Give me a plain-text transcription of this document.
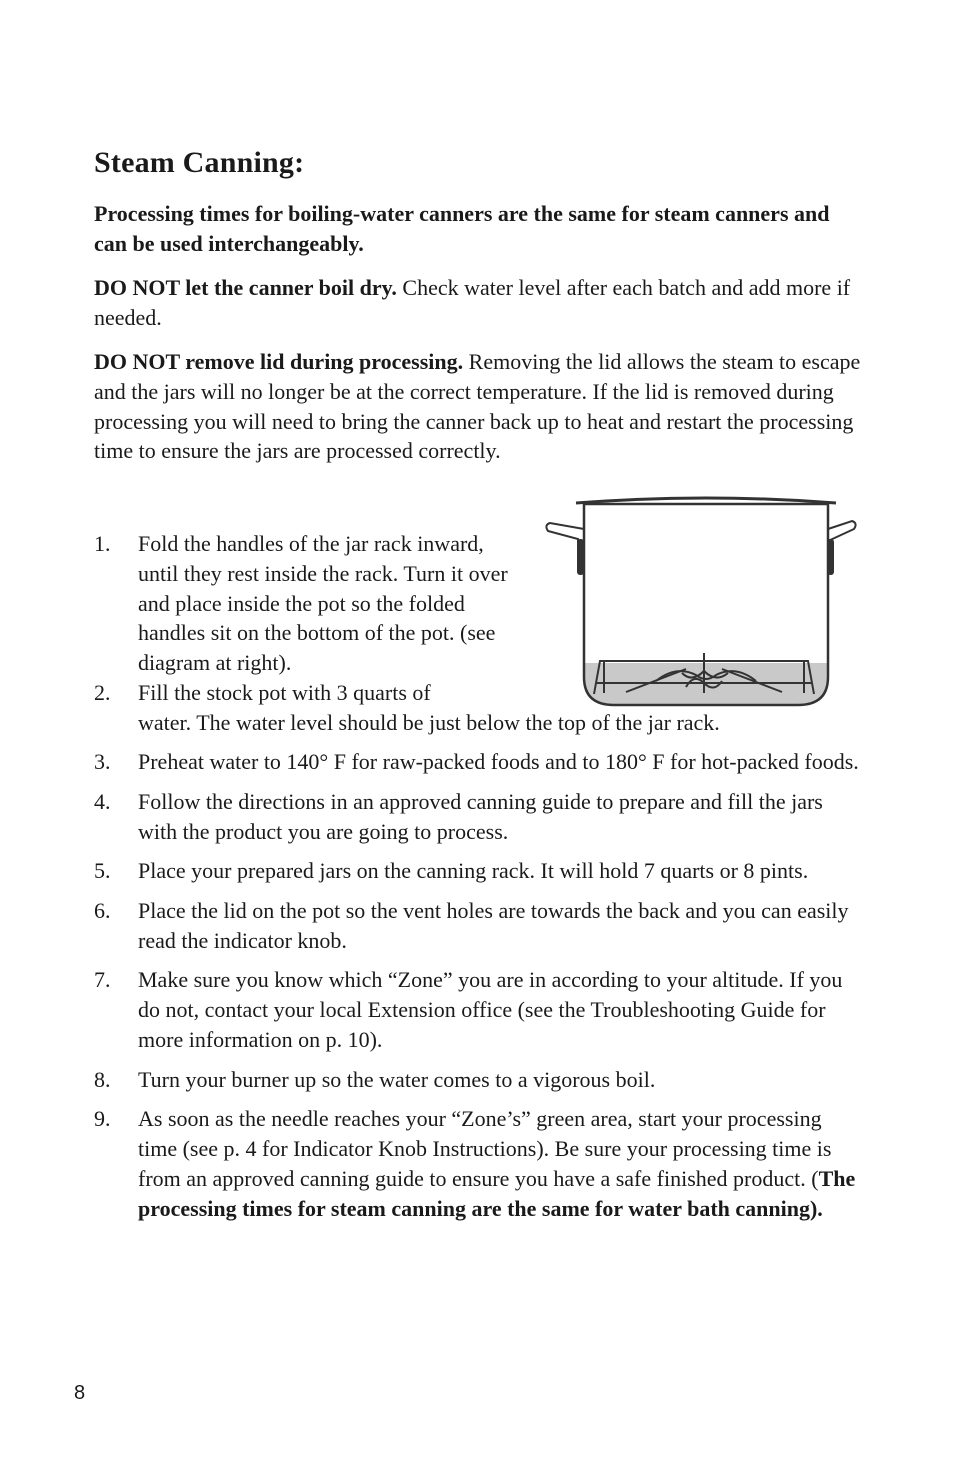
Steam Canning:

Processing times for boiling-water canners are the same for steam canners and can be used interchangeably.

DO NOT let the canner boil dry. Check water level after each batch and add more if needed.

DO NOT remove lid during processing. Removing the lid allows the steam to escape and the jars will no longer be at the correct temperature. If the lid is removed during processing you will need to bring the canner back up to heat and restart the processing time to ensure the jars are processed correctly.

1. Fold the handles of the jar rack inward, until they rest inside the rack. Turn it over and place inside the pot so the folded handles sit on the bottom of the pot. (see diagram at right).
2. Fill the stock pot with 3 quarts of
water. The water level should be just below the top of the jar rack.
3. Preheat water to 140° F for raw-packed foods and to 180° F for hot-packed foods.
4. Follow the directions in an approved canning guide to prepare and fill the jars with the product you are going to process.
5. Place your prepared jars on the canning rack. It will hold 7 quarts or 8 pints.
6. Place the lid on the pot so the vent holes are towards the back and you can easily read the indicator knob.
7. Make sure you know which “Zone” you are in according to your altitude. If you do not, contact your local Extension office (see the Troubleshooting Guide for more information on p. 10).
8. Turn your burner up so the water comes to a vigorous boil.
9. As soon as the needle reaches your “Zone’s” green area, start your processing time (see p. 4 for Indicator Knob Instructions). Be sure your processing time is from an approved canning guide to ensure you have a safe finished product. (The processing times for steam canning are the same for water bath canning).
8
